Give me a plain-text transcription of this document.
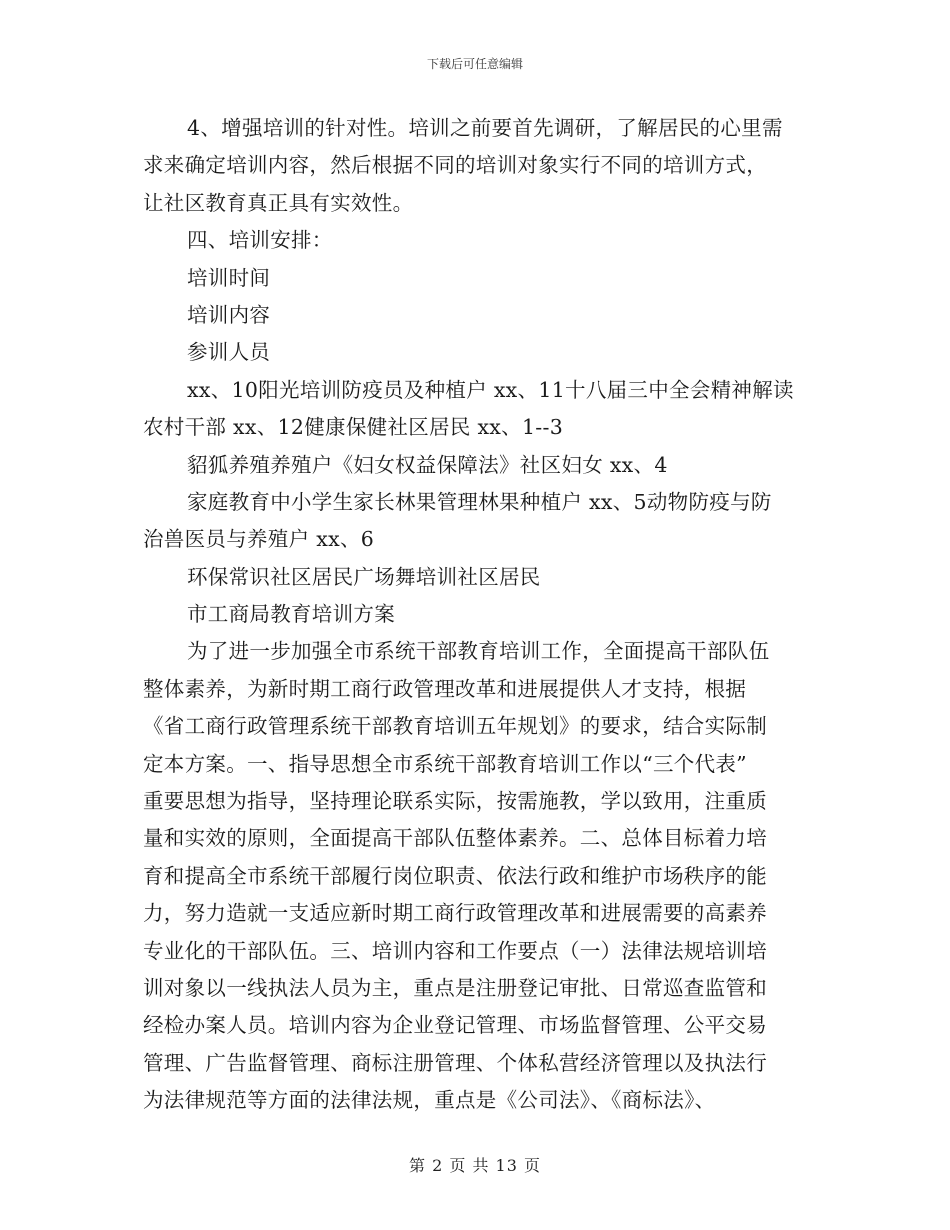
下载后可任意编辑
4、增强培训的针对性。培训之前要首先调研，了解居民的心里需
求来确定培训内容，然后根据不同的培训对象实行不同的培训方式，
让社区教育真正具有实效性。
四、培训安排：
培训时间
培训内容
参训人员
xx、10阳光培训防疫员及种植户 xx、11十八届三中全会精神解读
农村干部 xx、12健康保健社区居民 xx、1--3
貂狐养殖养殖户《妇女权益保障法》社区妇女 xx、4
家庭教育中小学生家长林果管理林果种植户 xx、5动物防疫与防
治兽医员与养殖户 xx、6
环保常识社区居民广场舞培训社区居民
市工商局教育培训方案
为了进一步加强全市系统干部教育培训工作，全面提高干部队伍
整体素养，为新时期工商行政管理改革和进展提供人才支持，根据
《省工商行政管理系统干部教育培训五年规划》的要求，结合实际制
定本方案。一、指导思想全市系统干部教育培训工作以“三个代表”
重要思想为指导，坚持理论联系实际，按需施教，学以致用，注重质
量和实效的原则，全面提高干部队伍整体素养。二、总体目标着力培
育和提高全市系统干部履行岗位职责、依法行政和维护市场秩序的能
力，努力造就一支适应新时期工商行政管理改革和进展需要的高素养
专业化的干部队伍。三、培训内容和工作要点（一）法律法规培训培
训对象以一线执法人员为主，重点是注册登记审批、日常巡查监管和
经检办案人员。培训内容为企业登记管理、市场监督管理、公平交易
管理、广告监督管理、商标注册管理、个体私营经济管理以及执法行
为法律规范等方面的法律法规，重点是《公司法》、《商标法》、
第 2 页 共 13 页
